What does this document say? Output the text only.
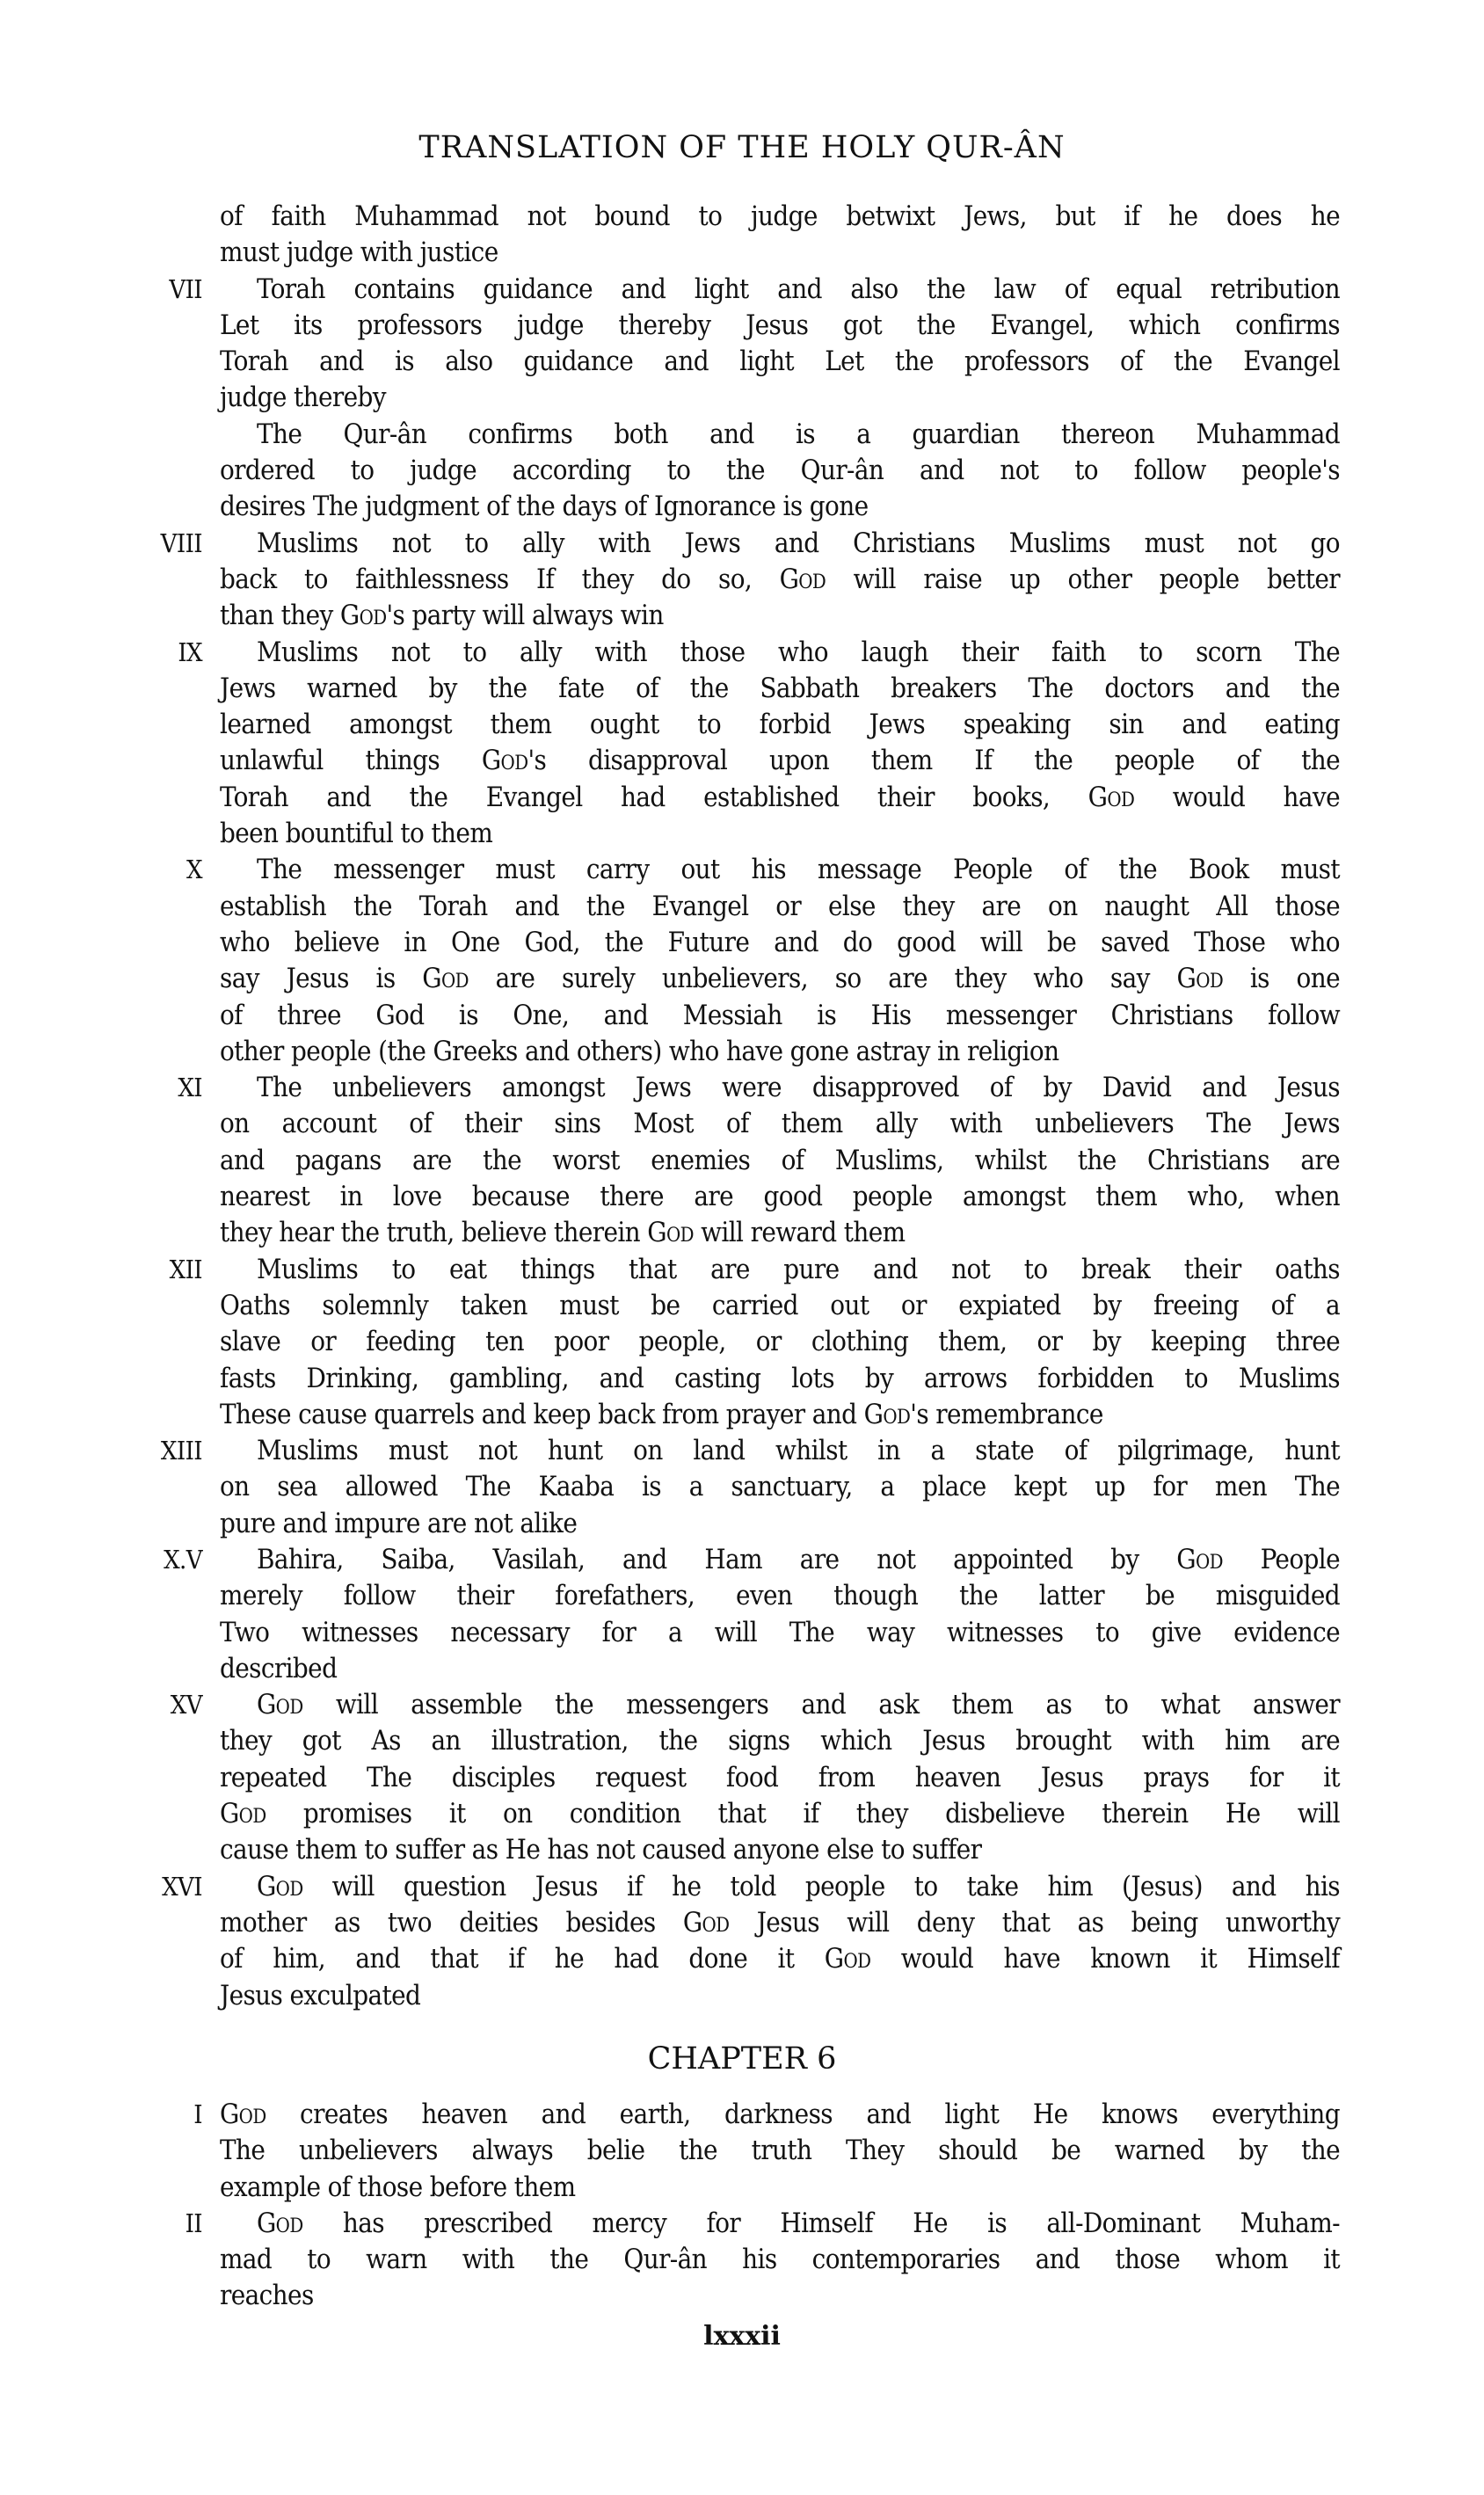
TRANSLATION OF THE HOLY QUR-ÂN
of faith Muhammad not bound to judge betwixt Jews, but if he does he
must judge with justice
Torah contains guidance and light and also the law of equal retribution
VII
Let its professors judge thereby Jesus got the Evangel, which confirms
Torah and is also guidance and light Let the professors of the Evangel
judge thereby
The Qur-ân confirms both and is a guardian thereon Muhammad
ordered to judge according to the Qur-ân and not to follow people's
desires The judgment of the days of Ignorance is gone
Muslims not to ally with Jews and Christians Muslims must not go
VIII
back to faithlessness If they do so, God will raise up other people better
than they God's party will always win
Muslims not to ally with those who laugh their faith to scorn The
IX
Jews warned by the fate of the Sabbath breakers The doctors and the
learned amongst them ought to forbid Jews speaking sin and eating
unlawful things God's disapproval upon them If the people of the
Torah and the Evangel had established their books, God would have
been bountiful to them
The messenger must carry out his message People of the Book must
X
establish the Torah and the Evangel or else they are on naught All those
who believe in One God, the Future and do good will be saved Those who
say Jesus is God are surely unbelievers, so are they who say God is one
of three God is One, and Messiah is His messenger Christians follow
other people (the Greeks and others) who have gone astray in religion
The unbelievers amongst Jews were disapproved of by David and Jesus
XI
on account of their sins Most of them ally with unbelievers The Jews
and pagans are the worst enemies of Muslims, whilst the Christians are
nearest in love because there are good people amongst them who, when
they hear the truth, believe therein God will reward them
Muslims to eat things that are pure and not to break their oaths
XII
Oaths solemnly taken must be carried out or expiated by freeing of a
slave or feeding ten poor people, or clothing them, or by keeping three
fasts Drinking, gambling, and casting lots by arrows forbidden to Muslims
These cause quarrels and keep back from prayer and God's remembrance
Muslims must not hunt on land whilst in a state of pilgrimage, hunt
XIII
on sea allowed The Kaaba is a sanctuary, a place kept up for men The
pure and impure are not alike
Bahira, Saiba, Vasilah, and Ham are not appointed by God People
X.V
merely follow their forefathers, even though the latter be misguided
Two witnesses necessary for a will The way witnesses to give evidence
described
God will assemble the messengers and ask them as to what answer
XV
they got As an illustration, the signs which Jesus brought with him are
repeated The disciples request food from heaven Jesus prays for it
God promises it on condition that if they disbelieve therein He will
cause them to suffer as He has not caused anyone else to suffer
God will question Jesus if he told people to take him (Jesus) and his
XVI
mother as two deities besides God Jesus will deny that as being unworthy
of him, and that if he had done it God would have known it Himself
Jesus exculpated
CHAPTER 6
God creates heaven and earth, darkness and light He knows everything
I
The unbelievers always belie the truth They should be warned by the
example of those before them
God has prescribed mercy for Himself He is all-Dominant Muham-
II
mad to warn with the Qur-ân his contemporaries and those whom it
reaches
lxxxii
